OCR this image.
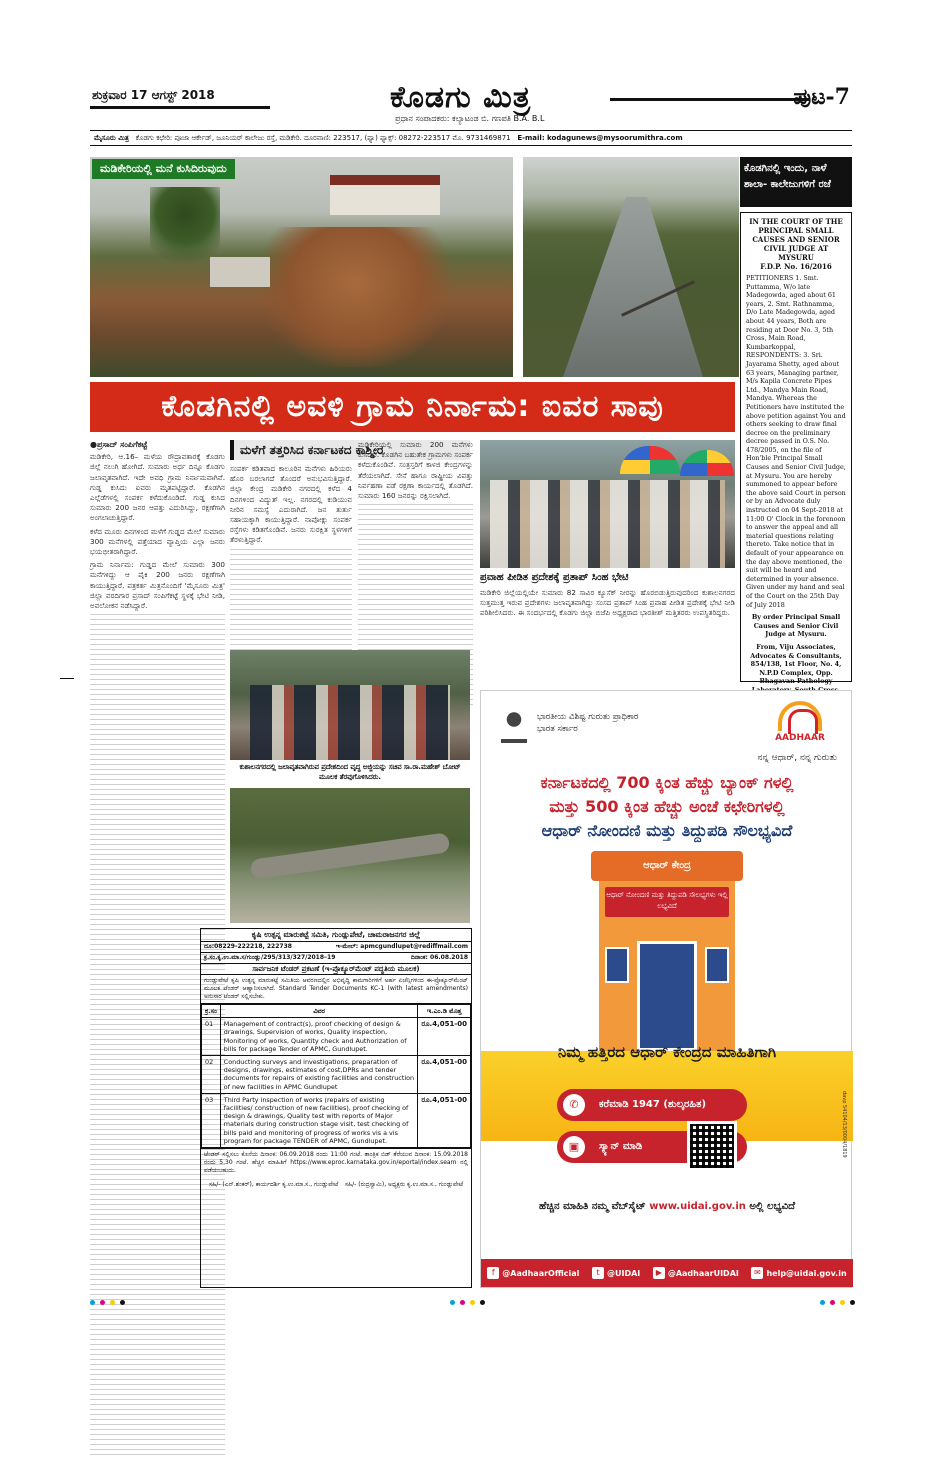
ಶುಕ್ರವಾರ 17 ಆಗಸ್ಟ್ 2018	ಕೊಡಗು ಮಿತ್ರ
ಪ್ರಧಾನ ಸಂಪಾದಕರು: ಕಲ್ಯಾಟಂಡ ಬಿ. ಗಣಪತಿ B.A. B.L
ಪುಟ-7
ಮೈಸೂರು ಮಿತ್ರ ಕೊಡಗು ಕಛೇರಿ: ಪೂಜಾ ಆರ್ಕೇಡ್, ಜೂನಿಯರ್ ಕಾಲೇಜು ರಸ್ತೆ, ಮಡಿಕೇರಿ. ದೂರವಾಣಿ: 223517, (ಫ್ಯಾ) ಫ್ಯಾಕ್ಸ್: 08272-223517 ಮೊ. 9731469871 E-mail: kodagunews@mysoorumithra.com
ಮಡಿಕೇರಿಯಲ್ಲಿ ಮನೆ ಕುಸಿದಿರುವುದು	ಕೊಡಗಿನಲ್ಲಿ ಇಂದು, ನಾಳೆ ಶಾಲಾ- ಕಾಲೇಜುಗಳಿಗೆ ರಜೆ
IN THE COURT OF THE PRINCIPAL SMALL CAUSES AND SENIOR CIVIL JUDGE AT MYSURU
F.D.P. No. 16/2016
PETITIONERS 1. Smt. Puttamma, W/o late Madegowda, aged about 61 years, 2. Smt. Rathnamma, D/o Late Madegowda, aged about 44 years, Both are residing at Door No. 3, 5th Cross, Main Road, Kumbarkoppal, RESPONDENTS: 3. Sri. Jayarama Shetty, aged about 63 years, Managing partner, M/s Kapila Concrete Pipes Ltd., Mandya Main Road, Mandya. Whereas the Petitioners have instituted the above petition against You and others seeking to draw final decree on the preliminary decree passed in O.S. No. 478/2005, on the file of Hon'ble Principal Small Causes and Senior Civil Judge, at Mysuru. You are hereby summoned to appear before the above said Court in person or by an Advocate duly instructed on 04 Sept-2018 at 11:00 O' Clock in the forenoon to answer the appeal and all material questions relating thereto. Take notice that in default of your appearance on the day above mentioned, the suit will be heard and determined in your absence. Given under my hand and seal of the Court on the 25th Day of July 2018
By order Principal Small Causes and Senior Civil Judge at Mysuru.
From, Viju Associates, Advocates & Consultants, 854/138, 1st Floor, No. 4, N.P.D Complex, Opp. Bhagavan Pathology
ಕೊಡಗಿನಲ್ಲಿ ಅವಳಿ ಗ್ರಾಮ ನಿರ್ನಾಮ: ಐವರ ಸಾವು
●ಪ್ರಸಾದ್ ಸಂಪಿಗೆಕಟ್ಟೆ

ಮಡಿಕೇರಿ, ಆ.16– ಮಳೆಯ ರೌದ್ರಾವತಾರಕ್ಕೆ ಕೊಡಗು ಜಿಲ್ಲೆ ನಲುಗಿ ಹೋಗಿದೆ. ಸುಮಾರು ಅರ್ಧ ದಿನ್ನೂ ಕೊಡಗು ಜಲಾವೃತವಾಗಿದೆ. ಇದೇ ಅವಧಿ ಗ್ರಾಮ ನಿರ್ನಾಮವಾಗಿವೆ. ಗುಡ್ಡ ಕುಸಿದು ಐವರು ಮೃತಪಟ್ಟಿದ್ದಾರೆ. ಕೊಡಗಿನ ಎಲ್ಲೆಡೆಗಳಲ್ಲಿ ಸಂಪರ್ಕ ಕಳೆದುಕೊಂಡಿದೆ. ಗುಡ್ಡ ಕುಸಿದ ಸುಮಾರು 200 ಜನರ ಆಪತ್ತು ಎದುರಿಸಿದ್ದು, ರಕ್ಷಣೆಗಾಗಿ ಅಂಗಲಾಚುತ್ತಿದ್ದಾರೆ.

ಕಳೆದ ಮೂರು ದಿನಗಳಿಂದ ಮಳೆಗೆ ಗುಡ್ಡದ ಮೇಲೆ ಸುಮಾರು 300 ಮನೆಗಳಲ್ಲಿ ಪತ್ತೆಯಾದ ವ್ಯಾಪ್ತಿಯ ಎಲ್ಲಾ ಜನರು ಭಯಭೀತರಾಗಿದ್ದಾರೆ.

ಗ್ರಾಮ ನಿರ್ನಾಮ: ಗುಡ್ಡದ ಮೇಲೆ ಸುಮಾರು 300 ಮನೆಗಳಿದ್ದು ಆ ಪೈಕಿ 200 ಜನರು ರಕ್ಷಣೆಗಾಗಿ ಕಾಯುತ್ತಿದ್ದಾರೆ. ಪತ್ರಕರ್ತ ಮಿತ್ರನೊಂದಿಗೆ 'ಮೈಸೂರು ಮಿತ್ರ' ಜಿಲ್ಲಾ ವರದಿಗಾರ ಪ್ರಸಾದ್ ಸಂಪಿಗೆಕಟ್ಟೆ ಸ್ಥಳಕ್ಕೆ ಭೇಟಿ ನೀಡಿ, ಅವಲೋಕನ ನಡೆಸಿದ್ದಾರೆ.

ಮಳೆಗೆ ತತ್ತರಿಸಿದ ಕರ್ನಾಟಕದ ಕಾಶ್ಮೀರ

ಸಂಪರ್ಕ ಕಡಿತವಾದ ಕಾಲೂರಿನ ಮನೆಗಳು ಹಿರಿಯರು ಹೊರ ಬರಲಾಗದೆ ತೊಂದರೆ ಅನುಭವಿಸುತ್ತಿದ್ದಾರೆ. ಜಿಲ್ಲಾ ಕೇಂದ್ರ ಮಡಿಕೇರಿ ನಗರದಲ್ಲಿ ಕಳೆದ 4 ದಿನಗಳಿಂದ ವಿದ್ಯುತ್ ಇಲ್ಲ. ನಗರದಲ್ಲಿ ಕುಡಿಯುವ ನೀರಿನ ಸಮಸ್ಯೆ ಎದುರಾಗಿದೆ. ಜನ ತುರ್ತು ಸಹಾಯಕ್ಕಾಗಿ ಕಾಯುತ್ತಿದ್ದಾರೆ. ನಾಪೋಕ್ಲು ಸಂಪರ್ಕ ರಸ್ತೆಗಳು ಕಡಿತಗೊಂಡಿವೆ. ಜನರು ಸುರಕ್ಷಿತ ಸ್ಥಳಗಳಿಗೆ ತೆರಳುತ್ತಿದ್ದಾರೆ.

ಮಡಿಕೇರಿಯಲ್ಲಿ ಸುಮಾರು 200 ಮನೆಗಳು ಕುಸಿದಿವೆ. ಕೊಡಗಿನ ಬಹುತೇಕ ಗ್ರಾಮಗಳು ಸಂಪರ್ಕ ಕಳೆದುಕೊಂಡಿವೆ. ಸಂತ್ರಸ್ತರಿಗೆ ಕಾಳಜಿ ಕೇಂದ್ರಗಳನ್ನು ತೆರೆಯಲಾಗಿದೆ. ಸೇನೆ ಹಾಗೂ ರಾಷ್ಟ್ರೀಯ ವಿಪತ್ತು ನಿರ್ವಹಣಾ ಪಡೆ ರಕ್ಷಣಾ ಕಾರ್ಯದಲ್ಲಿ ತೊಡಗಿದೆ. ಸುಮಾರು 160 ಜನರನ್ನು ರಕ್ಷಿಸಲಾಗಿದೆ.

ಪ್ರವಾಹ ಪೀಡಿತ ಪ್ರದೇಶಕ್ಕೆ ಪ್ರತಾಪ್ ಸಿಂಹ ಭೇಟಿ

ಮಡಿಕೇರಿ ಜಿಲ್ಲೆಯಲ್ಲಿಯೇ ಸುಮಾರು 82 ಸಾವಿರ ಕ್ಯೂಸೆಕ್ ನೀರನ್ನು ಹೊರಬಿಡುತ್ತಿರುವುದರಿಂದ ಕುಶಾಲನಗರದ ಸುತ್ತಮುತ್ತ ಇರುವ ಪ್ರದೇಶಗಳು ಜಲಾವೃತವಾಗಿದ್ದು ಸಂಸದ ಪ್ರತಾಪ್ ಸಿಂಹ ಪ್ರವಾಹ ಪೀಡಿತ ಪ್ರದೇಶಕ್ಕೆ ಭೇಟಿ ನೀಡಿ ಪರಿಶೀಲಿಸಿದರು. ಈ ಸಂದರ್ಭದಲ್ಲಿ ಕೊಡಗು ಜಿಲ್ಲಾ ಬಿಜೆಪಿ ಅಧ್ಯಕ್ಷರಾದ ಭಾರತೀಶ್ ಮತ್ತಿತರರು ಉಪಸ್ಥಿತರಿದ್ದರು.

ಕುಶಾಲನಗರದಲ್ಲಿ ಜಲಾವೃತವಾಗಿರುವ ಪ್ರದೇಶದಿಂದ ವೃದ್ಧ ಅಜ್ಜಿಯನ್ನು ಸಚಿವ ಸಾ.ರಾ.ಮಹೇಶ್ ಬೋಟ್ ಮೂಲಕ ತೆರವುಗೊಳಿಸಿದರು.
ಕೃಷಿ ಉತ್ಪನ್ನ ಮಾರುಕಟ್ಟೆ ಸಮಿತಿ, ಗುಂಡ್ಲುಪೇಟೆ, ಚಾಮರಾಜನಗರ ಜಿಲ್ಲೆ
ದೂ:08229-222218, 222738	ಇ-ಮೇಲ್: apmcgundlupet@rediffmail.com
ಕ್ರ.ಸಂ.ಕೃ.ಉ.ಮಾ.ಸ/ಗುಂಡ್ಲು/295/313/327/2018–19	ದಿನಾಂಕ: 06.08.2018
ಸಾರ್ವಜನಿಕ ಟೆಂಡರ್ ಪ್ರಕಟಣೆ (ಇ-ಪ್ರೊಕ್ಯೂರ್‌ಮೆಂಟ್ ಪದ್ಧತಿಯ ಮೂಲಕ)
ಗುಂಡ್ಲುಪೇಟೆ ಕೃಷಿ ಉತ್ಪನ್ನ ಮಾರುಕಟ್ಟೆ ಸಮಿತಿಯ ಆವರಣದಲ್ಲಿನ ಅಭಿವೃದ್ಧಿ ಕಾಮಗಾರಿಗಳಿಗೆ ಅರ್ಹ ಏಜೆನ್ಸಿಗಳಿಂದ ಈ-ಪ್ರೊಕ್ಯೂರ್‌ಮೆಂಟ್ ಮೂಲಕ ಟೆಂಡರ್ ಆಹ್ವಾನಿಸಲಾಗಿದೆ. Standard Tender Documents KC-1 (with latest amendments) ಅನುಸಾರ ಟೆಂಡರ್ ಸಲ್ಲಿಸಬೇಕು.
ಕ್ರ.ಸಂ	ವಿವರ	ಇ.ಎಂ.ಡಿ ಮೊತ್ತ
01	Management of contract(s), proof checking of design & drawings, Supervision of works, Quality inspection, Monitoring of works, Quantity check and Authorization of bills for package Tender of APMC, Gundlupet.	ರೂ.4,051-00
02	Conducting surveys and investigations, preparation of designs, drawings, estimates of cost,DPRs and tender documents for repairs of existing facilities and construction of new facilities in APMC Gundlupet	ರೂ.4,051-00
03	Third Party inspection of works (repairs of existing facilities/ construction of new facilities), proof checking of design & drawings, Quality test with reports of Major materials during construction stage visit, test checking of bills paid and monitoring of progress of works vis a vis program for package TENDER of APMC, Gundlupet.	ರೂ.4,051-00
ಟೆಂಡರ್ ಸಲ್ಲಿಸಲು ಕೊನೆಯ ದಿನಾಂಕ: 06.09.2018 ರಂದು 11:00 ಗಂಟೆ. ತಾಂತ್ರಿಕ ಬಿಡ್ ತೆರೆಯುವ ದಿನಾಂಕ: 15.09.2018 ರಂದು 5.30 ಗಂಟೆ. ಹೆಚ್ಚಿನ ಮಾಹಿತಿಗೆ https://www.eproc.karnataka.gov.in/eportal/index.seam ನಲ್ಲಿ ಪಡೆಯಬಹುದು.
ಸಹಿ/- (ಎನ್.ಶಂಕರ್), ಕಾರ್ಯದರ್ಶಿ ಕೃ.ಉ.ಮಾ.ಸ., ಗುಂಡ್ಲುಪೇಟೆ ಸಹಿ/- (ರುದ್ರಸ್ವಾಮಿ), ಅಧ್ಯಕ್ಷರು ಕೃ.ಉ.ಮಾ.ಸ., ಗುಂಡ್ಲುಪೇಟೆ
ಭಾರತೀಯ ವಿಶಿಷ್ಟ ಗುರುತು ಪ್ರಾಧಿಕಾರ
ಭಾರತ ಸರ್ಕಾರ
AADHAAR
ನನ್ನ ಆಧಾರ್, ನನ್ನ ಗುರುತು
ಕರ್ನಾಟಕದಲ್ಲಿ 700 ಕ್ಕಿಂತ ಹೆಚ್ಚು ಬ್ಯಾಂಕ್ ಗಳಲ್ಲಿ
ಮತ್ತು 500 ಕ್ಕಿಂತ ಹೆಚ್ಚು ಅಂಚೆ ಕಛೇರಿಗಳಲ್ಲಿ
ಆಧಾರ್ ನೋಂದಣಿ ಮತ್ತು ತಿದ್ದುಪಡಿ ಸೌಲಭ್ಯವಿದೆ
ಆಧಾರ್ ಕೇಂದ್ರ
ಆಧಾರ್ ನೋಂದಣಿ ಮತ್ತು ತಿದ್ದುಪಡಿ ಸೌಲಭ್ಯಗಳು ಇಲ್ಲಿ ಲಭ್ಯವಿದೆ
ನಿಮ್ಮ ಹತ್ತಿರದ ಆಧಾರ್ ಕೇಂದ್ರದ ಮಾಹಿತಿಗಾಗಿ
✆	ಕರೆಮಾಡಿ 1947 (ಶುಲ್ಕರಹಿತ)
▣	ಸ್ಕ್ಯಾನ್ ಮಾಡಿ	davp 54104/13/0004/1819
ಹೆಚ್ಚಿನ ಮಾಹಿತಿ ನಮ್ಮ ವೆಬ್‌ಸೈಟ್ www.uidai.gov.in ಅಲ್ಲಿ ಲಭ್ಯವಿದೆ
f @AadhaarOfficial	t @UIDAI	▶ @AadhaarUIDAI	✉ help@uidai.gov.in
